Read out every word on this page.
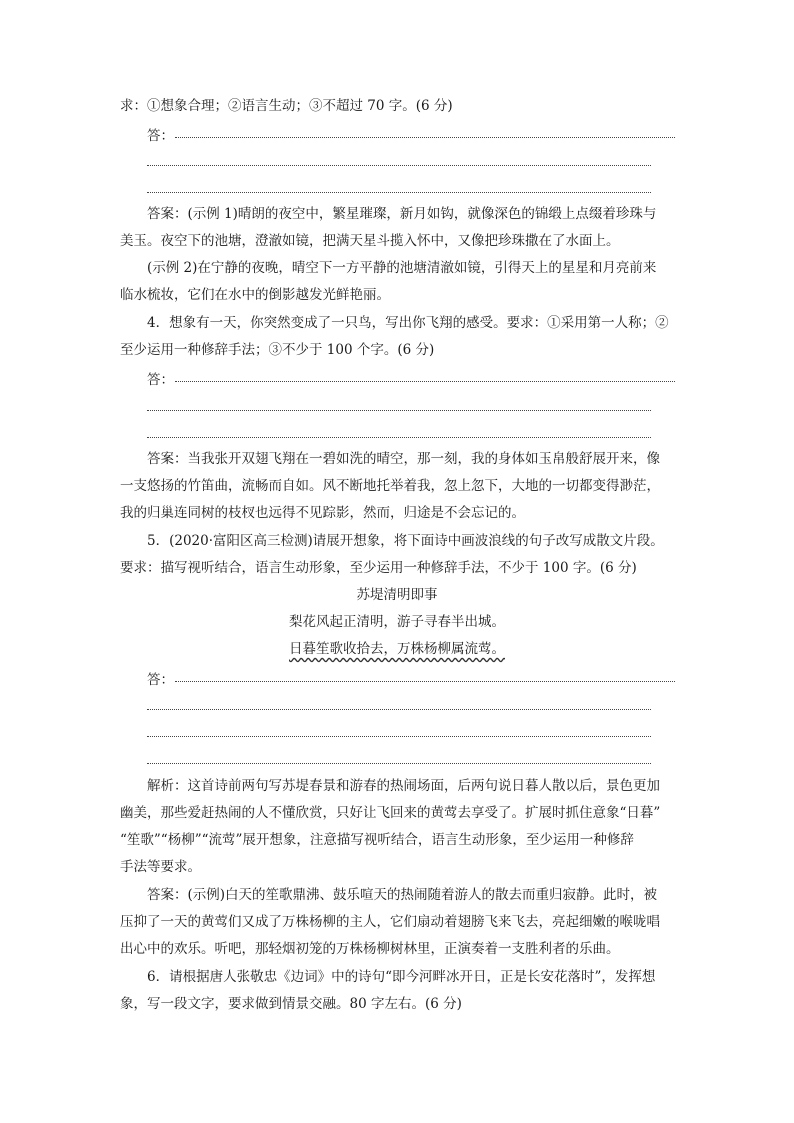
求：①想象合理；②语言生动；③不超过 70 字。(6 分)
答：
答案：(示例 1)晴朗的夜空中，繁星璀璨，新月如钩，就像深色的锦缎上点缀着珍珠与
美玉。夜空下的池塘，澄澈如镜，把满天星斗揽入怀中，又像把珍珠撒在了水面上。
(示例 2)在宁静的夜晚，晴空下一方平静的池塘清澈如镜，引得天上的星星和月亮前来
临水梳妆，它们在水中的倒影越发光鲜艳丽。
4．想象有一天，你突然变成了一只鸟，写出你飞翔的感受。要求：①采用第一人称；②
至少运用一种修辞手法；③不少于 100 个字。(6 分)
答：
答案：当我张开双翅飞翔在一碧如洗的晴空，那一刻，我的身体如玉帛般舒展开来，像
一支悠扬的竹笛曲，流畅而自如。风不断地托举着我，忽上忽下，大地的一切都变得渺茫，
我的归巢连同树的枝杈也远得不见踪影，然而，归途是不会忘记的。
5．(2020·富阳区高三检测)请展开想象，将下面诗中画波浪线的句子改写成散文片段。
要求：描写视听结合，语言生动形象，至少运用一种修辞手法，不少于 100 字。(6 分)
苏堤清明即事
梨花风起正清明，游子寻春半出城。
日暮笙歌收拾去，万株杨柳属流莺。
答：
解析：这首诗前两句写苏堤春景和游春的热闹场面，后两句说日暮人散以后，景色更加
幽美，那些爱赶热闹的人不懂欣赏，只好让飞回来的黄莺去享受了。扩展时抓住意象“日暮”
“笙歌”“杨柳”“流莺”展开想象，注意描写视听结合，语言生动形象，至少运用一种修辞
手法等要求。
答案：(示例)白天的笙歌鼎沸、鼓乐喧天的热闹随着游人的散去而重归寂静。此时，被
压抑了一天的黄莺们又成了万株杨柳的主人，它们扇动着翅膀飞来飞去，亮起细嫩的喉咙唱
出心中的欢乐。听吧，那轻烟初笼的万株杨柳树林里，正演奏着一支胜利者的乐曲。
6．请根据唐人张敬忠《边词》中的诗句“即今河畔冰开日，正是长安花落时”，发挥想
象，写一段文字，要求做到情景交融。80 字左右。(6 分)
